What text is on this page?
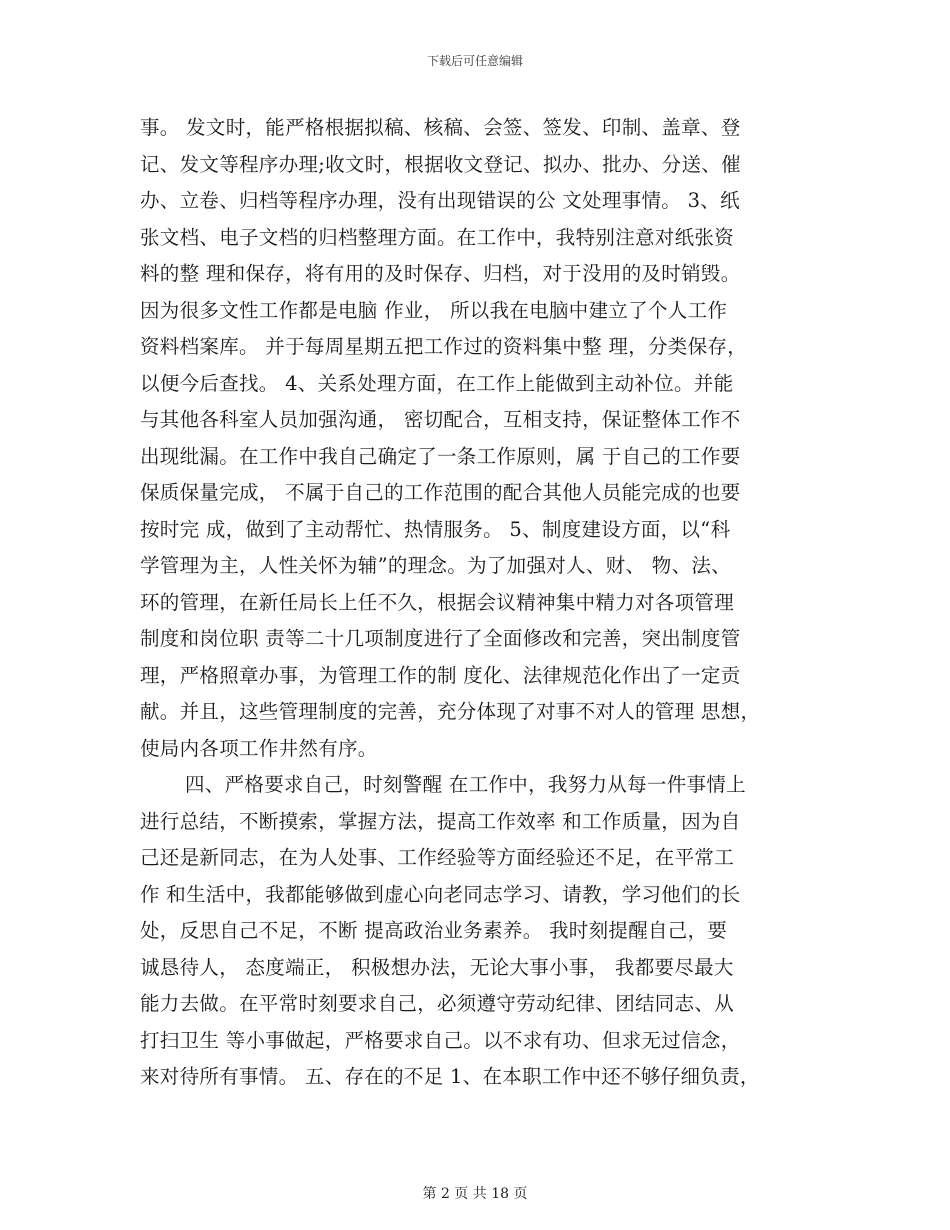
下载后可任意编辑
事。 发文时，能严格根据拟稿、核稿、会签、签发、印制、盖章、登
记、发文等程序办理;收文时，根据收文登记、拟办、批办、分送、催
办、立卷、归档等程序办理，没有出现错误的公 文处理事情。 3、纸
张文档、电子文档的归档整理方面。在工作中，我特别注意对纸张资
料的整 理和保存，将有用的及时保存、归档，对于没用的及时销毁。
因为很多文性工作都是电脑 作业， 所以我在电脑中建立了个人工作
资料档案库。 并于每周星期五把工作过的资料集中整 理，分类保存，
以便今后查找。 4、关系处理方面，在工作上能做到主动补位。并能
与其他各科室人员加强沟通， 密切配合，互相支持，保证整体工作不
出现纰漏。在工作中我自己确定了一条工作原则，属 于自己的工作要
保质保量完成， 不属于自己的工作范围的配合其他人员能完成的也要
按时完 成，做到了主动帮忙、热情服务。 5、制度建设方面，以“科
学管理为主，人性关怀为辅”的理念。为了加强对人、财、 物、法、
环的管理，在新任局长上任不久，根据会议精神集中精力对各项管理
制度和岗位职 责等二十几项制度进行了全面修改和完善，突出制度管
理，严格照章办事，为管理工作的制 度化、法律规范化作出了一定贡
献。并且，这些管理制度的完善，充分体现了对事不对人的管理 思想，
使局内各项工作井然有序。
四、严格要求自己，时刻警醒 在工作中，我努力从每一件事情上
进行总结，不断摸索，掌握方法，提高工作效率 和工作质量，因为自
己还是新同志，在为人处事、工作经验等方面经验还不足，在平常工
作 和生活中，我都能够做到虚心向老同志学习、请教，学习他们的长
处，反思自己不足，不断 提高政治业务素养。 我时刻提醒自己，要
诚恳待人， 态度端正， 积极想办法，无论大事小事， 我都要尽最大
能力去做。在平常时刻要求自己，必须遵守劳动纪律、团结同志、从
打扫卫生 等小事做起，严格要求自己。以不求有功、但求无过信念，
来对待所有事情。 五、存在的不足 1、在本职工作中还不够仔细负责，
第 2 页 共 18 页
